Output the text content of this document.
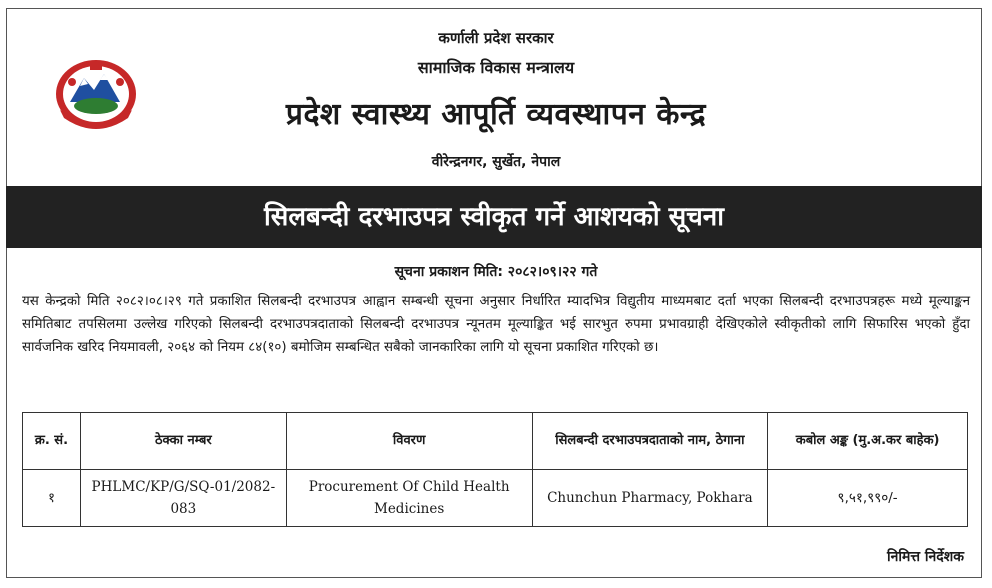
कर्णाली प्रदेश सरकार
सामाजिक विकास मन्त्रालय
प्रदेश स्वास्थ्य आपूर्ति व्यवस्थापन केन्द्र
वीरेन्द्रनगर, सुर्खेत, नेपाल
सिलबन्दी दरभाउपत्र स्वीकृत गर्ने आशयको सूचना
सूचना प्रकाशन मिति: २०८२।०९।२२ गते
यस केन्द्रको मिति २०८२।०८।२९ गते प्रकाशित सिलबन्दी दरभाउपत्र आह्वान सम्बन्धी सूचना अनुसार निर्धारित म्यादभित्र विद्युतीय माध्यमबाट दर्ता भएका सिलबन्दी दरभाउपत्रहरू मध्ये मूल्याङ्कन समितिबाट तपसिलमा उल्लेख गरिएको सिलबन्दी दरभाउपत्रदाताको सिलबन्दी दरभाउपत्र न्यूनतम मूल्याङ्कित भई सारभुत रुपमा प्रभावग्राही देखिएकोले स्वीकृतीको लागि सिफारिस भएको हुँदा सार्वजनिक खरिद नियमावली, २०६४ को नियम ८४(१०) बमोजिम सम्बन्धित सबैको जानकारिका लागि यो सूचना प्रकाशित गरिएको छ।
क्र. सं.	ठेक्का नम्बर	विवरण	सिलबन्दी दरभाउपत्रदाताको नाम, ठेगाना	कबोल अङ्क (मु.अ.कर बाहेक)
१	PHLMC/KP/G/SQ-01/2082-083	Procurement Of Child Health Medicines	Chunchun Pharmacy, Pokhara	९,५१,९९०/-
निमित्त निर्देशक
